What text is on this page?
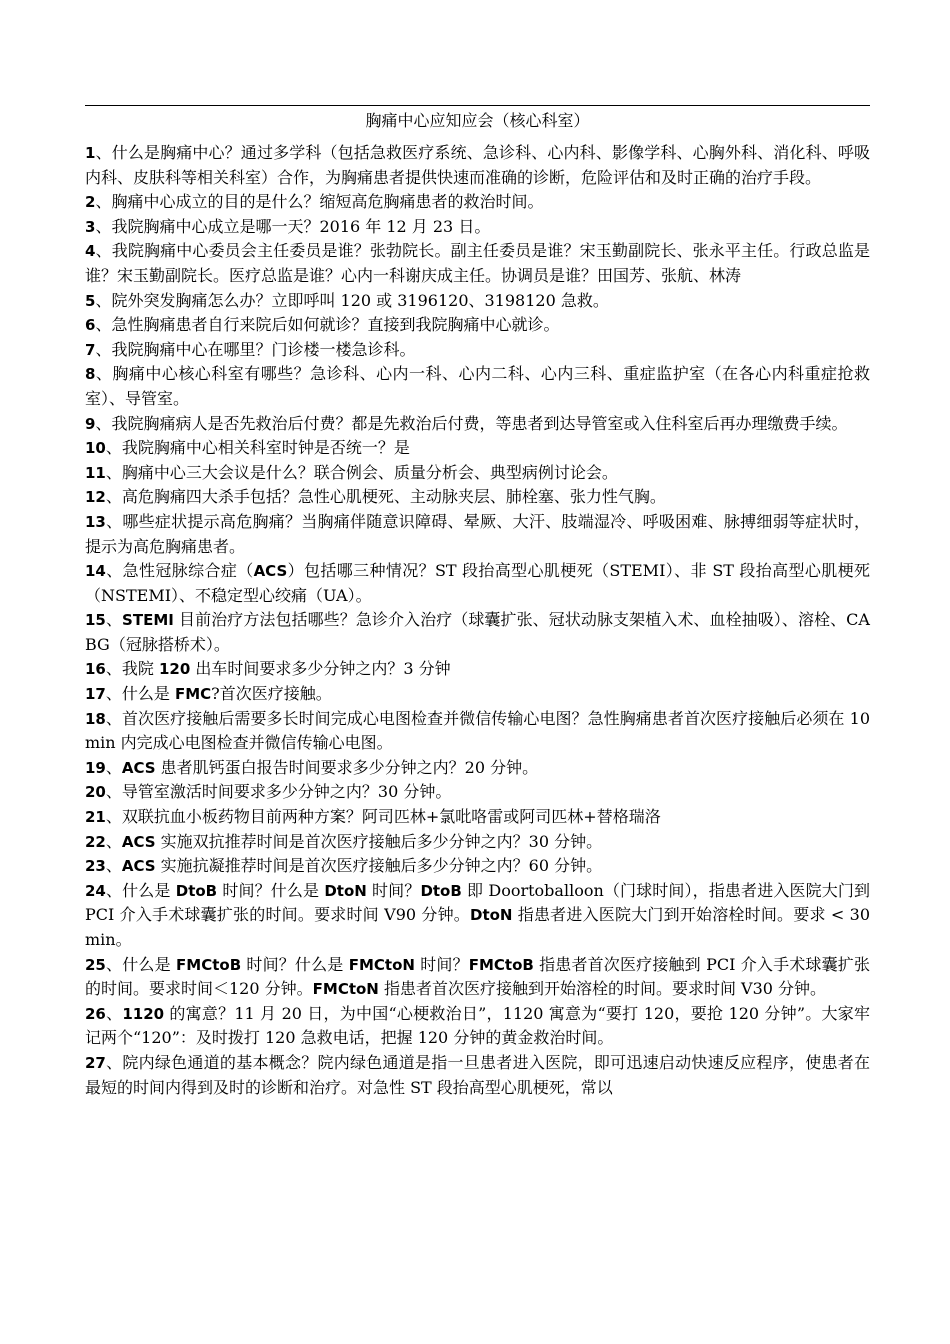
胸痛中心应知应会（核心科室）
1、什么是胸痛中心？通过多学科（包括急救医疗系统、急诊科、心内科、影像学科、心胸外科、消化科、呼吸内科、皮肤科等相关科室）合作，为胸痛患者提供快速而准确的诊断，危险评估和及时正确的治疗手段。
2、胸痛中心成立的目的是什么？缩短高危胸痛患者的救治时间。
3、我院胸痛中心成立是哪一天？2016 年 12 月 23 日。
4、我院胸痛中心委员会主任委员是谁？张勃院长。副主任委员是谁？宋玉勤副院长、张永平主任。行政总监是谁？宋玉勤副院长。医疗总监是谁？心内一科谢庆成主任。协调员是谁？田国芳、张航、林涛
5、院外突发胸痛怎么办？立即呼叫 120 或 3196120、3198120 急救。
6、急性胸痛患者自行来院后如何就诊？直接到我院胸痛中心就诊。
7、我院胸痛中心在哪里？门诊楼一楼急诊科。
8、胸痛中心核心科室有哪些？急诊科、心内一科、心内二科、心内三科、重症监护室（在各心内科重症抢救室）、导管室。
9、我院胸痛病人是否先救治后付费？都是先救治后付费，等患者到达导管室或入住科室后再办理缴费手续。
10、我院胸痛中心相关科室时钟是否统一？是
11、胸痛中心三大会议是什么？联合例会、质量分析会、典型病例讨论会。
12、高危胸痛四大杀手包括？急性心肌梗死、主动脉夹层、肺栓塞、张力性气胸。
13、哪些症状提示高危胸痛？当胸痛伴随意识障碍、晕厥、大汗、肢端湿冷、呼吸困难、脉搏细弱等症状时，提示为高危胸痛患者。
14、急性冠脉综合症（ACS）包括哪三种情况？ST 段抬高型心肌梗死（STEMI）、非 ST 段抬高型心肌梗死（NSTEMI）、不稳定型心绞痛（UA）。
15、STEMI 目前治疗方法包括哪些？急诊介入治疗（球囊扩张、冠状动脉支架植入术、血栓抽吸）、溶栓、CABG（冠脉搭桥术）。
16、我院 120 出车时间要求多少分钟之内？3 分钟
17、什么是 FMC?首次医疗接触。
18、首次医疗接触后需要多长时间完成心电图检查并微信传输心电图？急性胸痛患者首次医疗接触后必须在 10min 内完成心电图检查并微信传输心电图。
19、ACS 患者肌钙蛋白报告时间要求多少分钟之内？20 分钟。
20、导管室激活时间要求多少分钟之内？30 分钟。
21、双联抗血小板药物目前两种方案？阿司匹林+氯吡咯雷或阿司匹林+替格瑞洛
22、ACS 实施双抗推荐时间是首次医疗接触后多少分钟之内？30 分钟。
23、ACS 实施抗凝推荐时间是首次医疗接触后多少分钟之内？60 分钟。
24、什么是 DtoB 时间？什么是 DtoN 时间？DtoB 即 Doortoballoon（门球时间），指患者进入医院大门到 PCI 介入手术球囊扩张的时间。要求时间 V90 分钟。DtoN 指患者进入医院大门到开始溶栓时间。要求 < 30min。
25、什么是 FMCtoB 时间？什么是 FMCtoN 时间？FMCtoB 指患者首次医疗接触到 PCI 介入手术球囊扩张的时间。要求时间＜120 分钟。FMCtoN 指患者首次医疗接触到开始溶栓的时间。要求时间 V30 分钟。
26、1120 的寓意？11 月 20 日，为中国“心梗救治日”，1120 寓意为“要打 120，要抢 120 分钟”。大家牢记两个“120”：及时拨打 120 急救电话，把握 120 分钟的黄金救治时间。
27、院内绿色通道的基本概念？院内绿色通道是指一旦患者进入医院，即可迅速启动快速反应程序，使患者在最短的时间内得到及时的诊断和治疗。对急性 ST 段抬高型心肌梗死，常以
